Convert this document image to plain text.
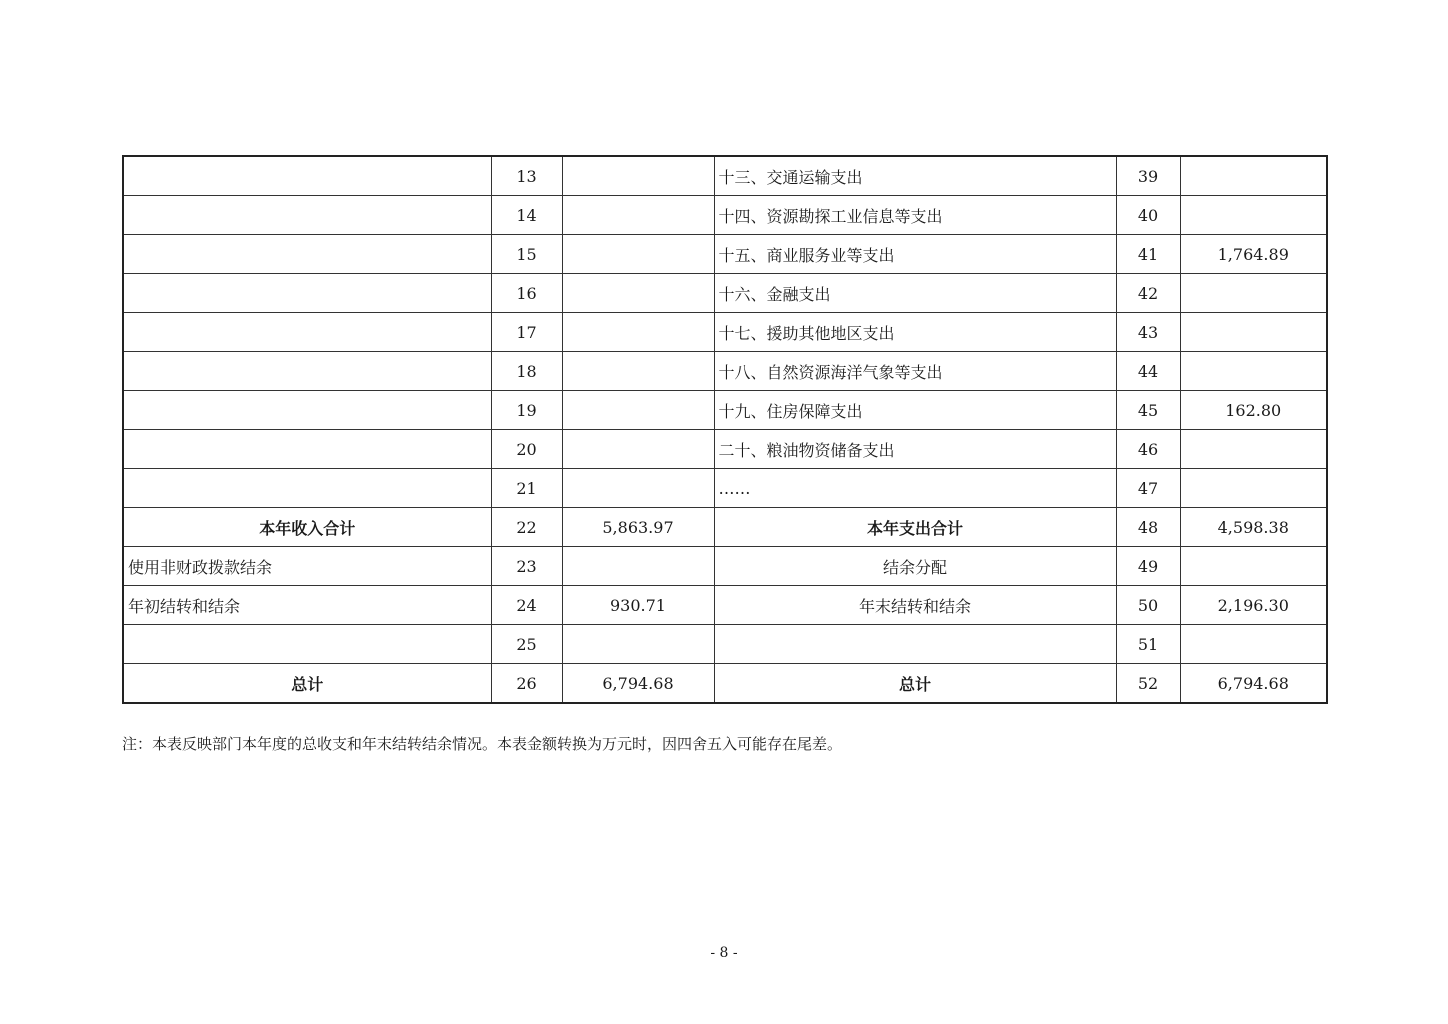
	13		十三、交通运输支出	39	
	14		十四、资源勘探工业信息等支出	40	
	15		十五、商业服务业等支出	41	1,764.89
	16		十六、金融支出	42	
	17		十七、援助其他地区支出	43	
	18		十八、自然资源海洋气象等支出	44	
	19		十九、住房保障支出	45	162.80
	20		二十、粮油物资储备支出	46	
	21		……	47	
本年收入合计	22	5,863.97	本年支出合计	48	4,598.38
使用非财政拨款结余	23		结余分配	49	
年初结转和结余	24	930.71	年末结转和结余	50	2,196.30
	25			51	
总计	26	6,794.68	总计	52	6,794.68
注：本表反映部门本年度的总收支和年末结转结余情况。本表金额转换为万元时，因四舍五入可能存在尾差。
- 8 -
